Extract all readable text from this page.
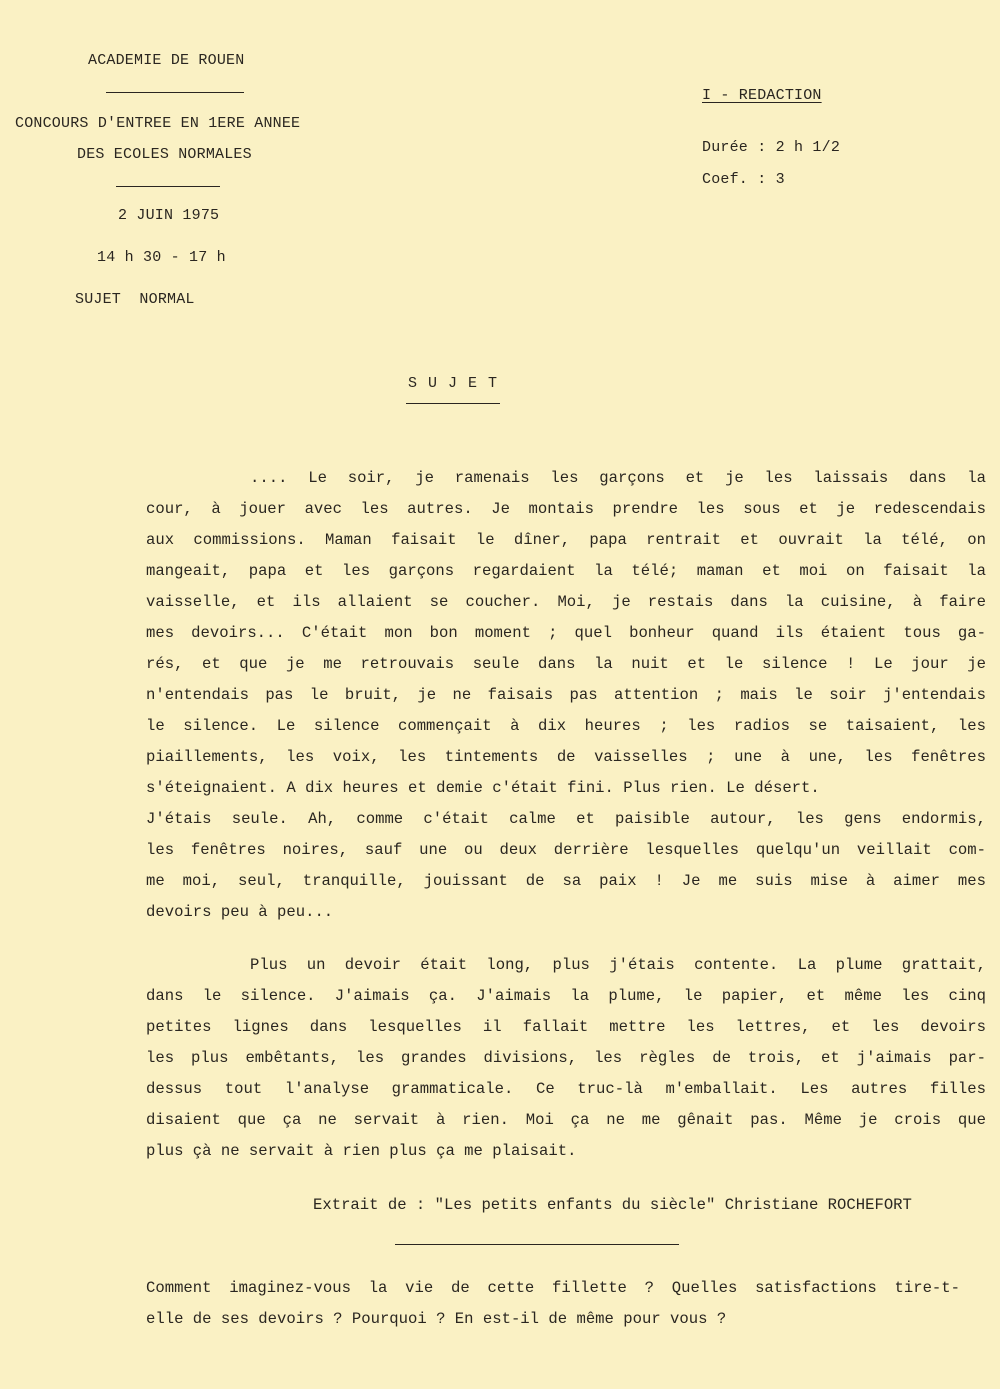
ACADEMIE DE ROUEN
CONCOURS D'ENTREE EN 1ERE ANNEE
DES ECOLES NORMALES
2 JUIN 1975
14 h 30 - 17 h
SUJET  NORMAL
I - REDACTION
Durée : 2 h 1/2
Coef. : 3
S U J E T
.... Le soir, je ramenais les garçons et je les laissais dans la
cour, à jouer avec les autres. Je montais prendre les sous et je redescendais
aux commissions. Maman faisait le dîner, papa rentrait et ouvrait la télé, on
mangeait, papa et les garçons regardaient la télé; maman et moi on faisait la
vaisselle, et ils allaient se coucher. Moi, je restais dans la cuisine, à faire
mes devoirs... C'était mon bon moment ; quel bonheur quand ils étaient tous ga-
rés, et que je me retrouvais seule dans la nuit et le silence ! Le jour je
n'entendais pas le bruit, je ne faisais pas attention ; mais le soir j'entendais
le silence. Le silence commençait à dix heures ; les radios se taisaient, les
piaillements, les voix, les tintements de vaisselles ; une à une, les fenêtres
s'éteignaient. A dix heures et demie c'était fini. Plus rien. Le désert.
J'étais seule. Ah, comme c'était calme et paisible autour, les gens endormis,
les fenêtres noires, sauf une ou deux derrière lesquelles quelqu'un veillait com-
me moi, seul, tranquille, jouissant de sa paix ! Je me suis mise à aimer mes
devoirs peu à peu...
Plus un devoir était long, plus j'étais contente. La plume grattait,
dans le silence. J'aimais ça. J'aimais la plume, le papier, et même les cinq
petites lignes dans lesquelles il fallait mettre les lettres, et les devoirs
les plus embêtants, les grandes divisions, les règles de trois, et j'aimais par-
dessus tout l'analyse grammaticale. Ce truc-là m'emballait. Les autres filles
disaient que ça ne servait à rien. Moi ça ne me gênait pas. Même je crois que
plus çà ne servait à rien plus ça me plaisait.
Extrait de : "Les petits enfants du siècle" Christiane ROCHEFORT
Comment imaginez-vous la vie de cette fillette ? Quelles satisfactions tire-t-
elle de ses devoirs ? Pourquoi ? En est-il de même pour vous ?
